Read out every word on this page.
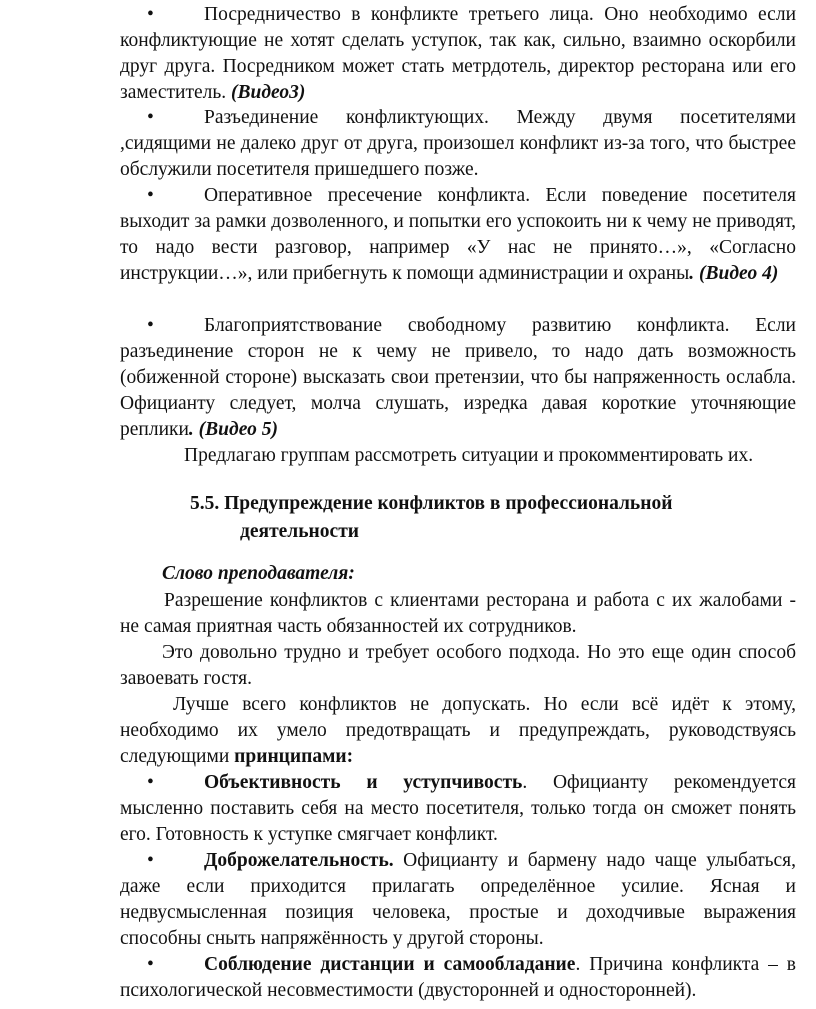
•	Посредничество в конфликте третьего лица. Оно необходимо если конфликтующие не хотят сделать уступок, так как, сильно, взаимно оскорбили друг друга. Посредником может стать метрдотель, директор ресторана или его заместитель. (Видео3)

•	Разъединение конфликтующих. Между двумя посетителями ,сидящими не далеко друг от друга, произошел конфликт из-за того, что быстрее обслужили посетителя пришедшего позже.

•	Оперативное пресечение конфликта. Если поведение посетителя выходит за рамки дозволенного, и попытки его успокоить ни к чему не приводят, то надо вести разговор, например «У нас не принято…», «Согласно инструкции…», или прибегнуть к помощи администрации и охраны. (Видео 4)

•	Благоприятствование свободному развитию конфликта. Если разъединение сторон не к чему не привело, то надо дать возможность (обиженной стороне) высказать свои претензии, что бы напряженность ослабла. Официанту следует, молча слушать, изредка давая короткие уточняющие реплики. (Видео 5)

Предлагаю группам рассмотреть ситуации и прокомментировать их.

5.5. Предупреждение конфликтов в профессиональной
деятельности

Слово преподавателя:

Разрешение конфликтов с клиентами ресторана и работа с их жалобами - не самая приятная часть обязанностей их сотрудников.

Это довольно трудно и требует особого подхода. Но это еще один способ завоевать гостя.

Лучше всего конфликтов не допускать. Но если всё идёт к этому, необходимо их умело предотвращать и предупреждать, руководствуясь следующими принципами:

•	Объективность и уступчивость. Официанту рекомендуется мысленно поставить себя на место посетителя, только тогда он сможет понять его. Готовность к уступке смягчает конфликт.

•	Доброжелательность. Официанту и бармену надо чаще улыбаться, даже если приходится прилагать определённое усилие. Ясная и недвусмысленная позиция человека, простые и доходчивые выражения способны сныть напряжённость у другой стороны.

•	Соблюдение дистанции и самообладание. Причина конфликта – в психологической несовместимости (двусторонней и односторонней).
